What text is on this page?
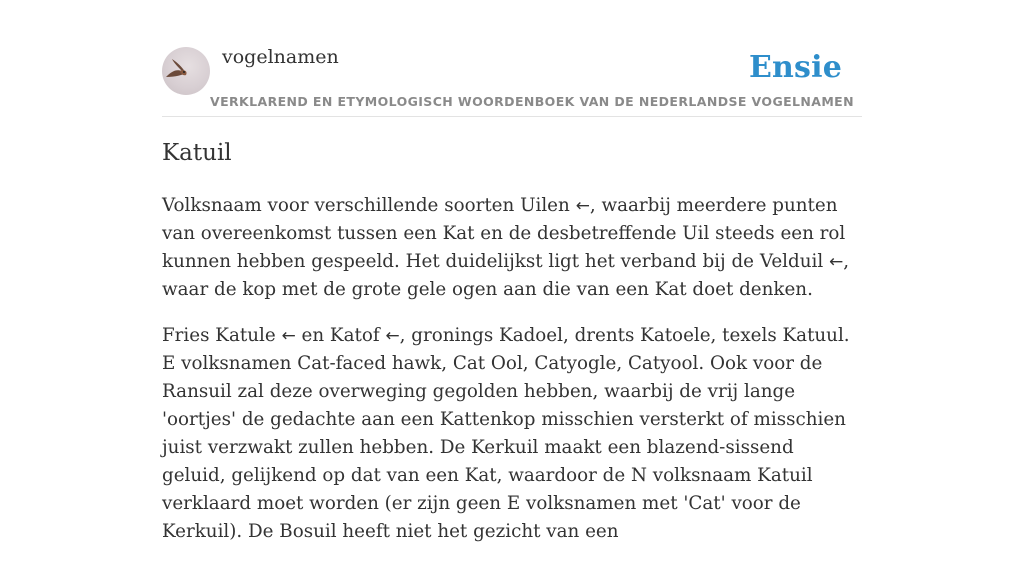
vogelnamen	Ensie
VERKLAREND EN ETYMOLOGISCH WOORDENBOEK VAN DE NEDERLANDSE VOGELNAMEN
Katuil

Volksnaam voor verschillende soorten Uilen ←, waarbij meerdere punten van overeenkomst tussen een Kat en de desbetreffende Uil steeds een rol kunnen hebben gespeeld. Het duidelijkst ligt het verband bij de Velduil ←, waar de kop met de grote gele ogen aan die van een Kat doet denken.

Fries Katule ← en Katof ←, gronings Kadoel, drents Katoele, texels Katuul. E volksnamen Cat-faced hawk, Cat Ool, Catyogle, Catyool. Ook voor de Ransuil zal deze overweging gegolden hebben, waarbij de vrij lange 'oortjes' de gedachte aan een Kattenkop misschien versterkt of misschien juist verzwakt zullen hebben. De Kerkuil maakt een blazend-sissend geluid, gelijkend op dat van een Kat, waardoor de N volksnaam Katuil verklaard moet worden (er zijn geen E volksnamen met 'Cat' voor de Kerkuil). De Bosuil heeft niet het gezicht van een
